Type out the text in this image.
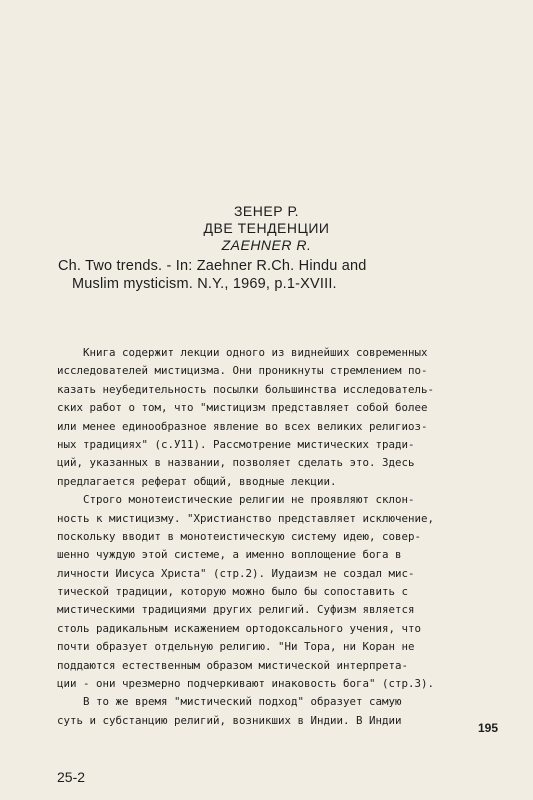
ЗЕНЕР Р.
ДВЕ ТЕНДЕНЦИИ
ZAEHNER R.
Ch. Two trends. - In: Zaehner R.Ch. Hindu and
Muslim mysticism. N.Y., 1969, p.1-XVIII.
Книга содержит лекции одного из виднейших современных
исследователей мистицизма. Они проникнуты стремлением по-
казать неубедительность посылки большинства исследователь-
ских работ о том, что "мистицизм представляет собой более
или менее единообразное явление во всех великих религиоз-
ных традициях" (с.У11). Рассмотрение мистических тради-
ций, указанных в названии, позволяет сделать это. Здесь
предлагается реферат общий, вводные лекции.
Строго монотеистические религии не проявляют склон-
ность к мистицизму. "Христианство представляет исключение,
поскольку вводит в монотеистическую систему идею, совер-
шенно чуждую этой системе, а именно воплощение бога в
личности Иисуса Христа" (стр.2). Иудаизм не создал мис-
тической традиции, которую можно было бы сопоставить с
мистическими традициями других религий. Суфизм является
столь радикальным искажением ортодоксального учения, что
почти образует отдельную религию. "Ни Тора, ни Коран не
поддаются естественным образом мистической интерпрета-
ции - они чрезмерно подчеркивают инаковость бога" (стр.3).
В то же время "мистический подход" образует самую
суть и субстанцию религий, возникших в Индии. В Индии
195
25-2
